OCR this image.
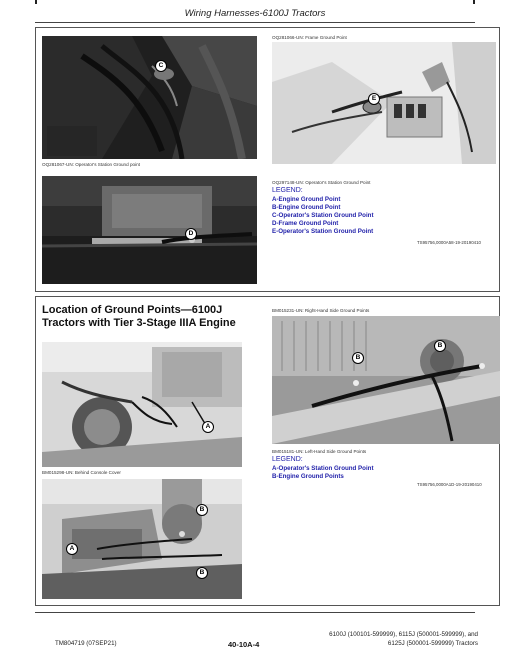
Wiring Harnesses-6100J Tractors
C
OQ281067-UN: Operator's Station Ground point
OQ281066-UN: Frame Ground Point
E
D
OQ297148-UN: Operator's Station Ground Point
LEGEND:
A-Engine Ground Point
B-Engine Ground Point
C-Operator's Station Ground Point
D-Frame Ground Point
E-Operator's Station Ground Point
TS95756,0000A58-19-20190410
Location of Ground Points—6100J Tractors with Tier 3-Stage IIIA Engine
A
BM015298-UN: Behind Console Cover
B
A
B
BM015231-UN: Right-Hand Side Ground Points
B
B
BM015181-UN: Left-Hand Side Ground Points
LEGEND:
A-Operator's Station Ground Point
B-Engine Ground Points
TS95756,0000A1D-19-20190410
TM804719 (07SEP21)	40-10A-4
6100J (100101-599999), 6115J (500001-599999), and
6125J (500001-599999) Tractors
